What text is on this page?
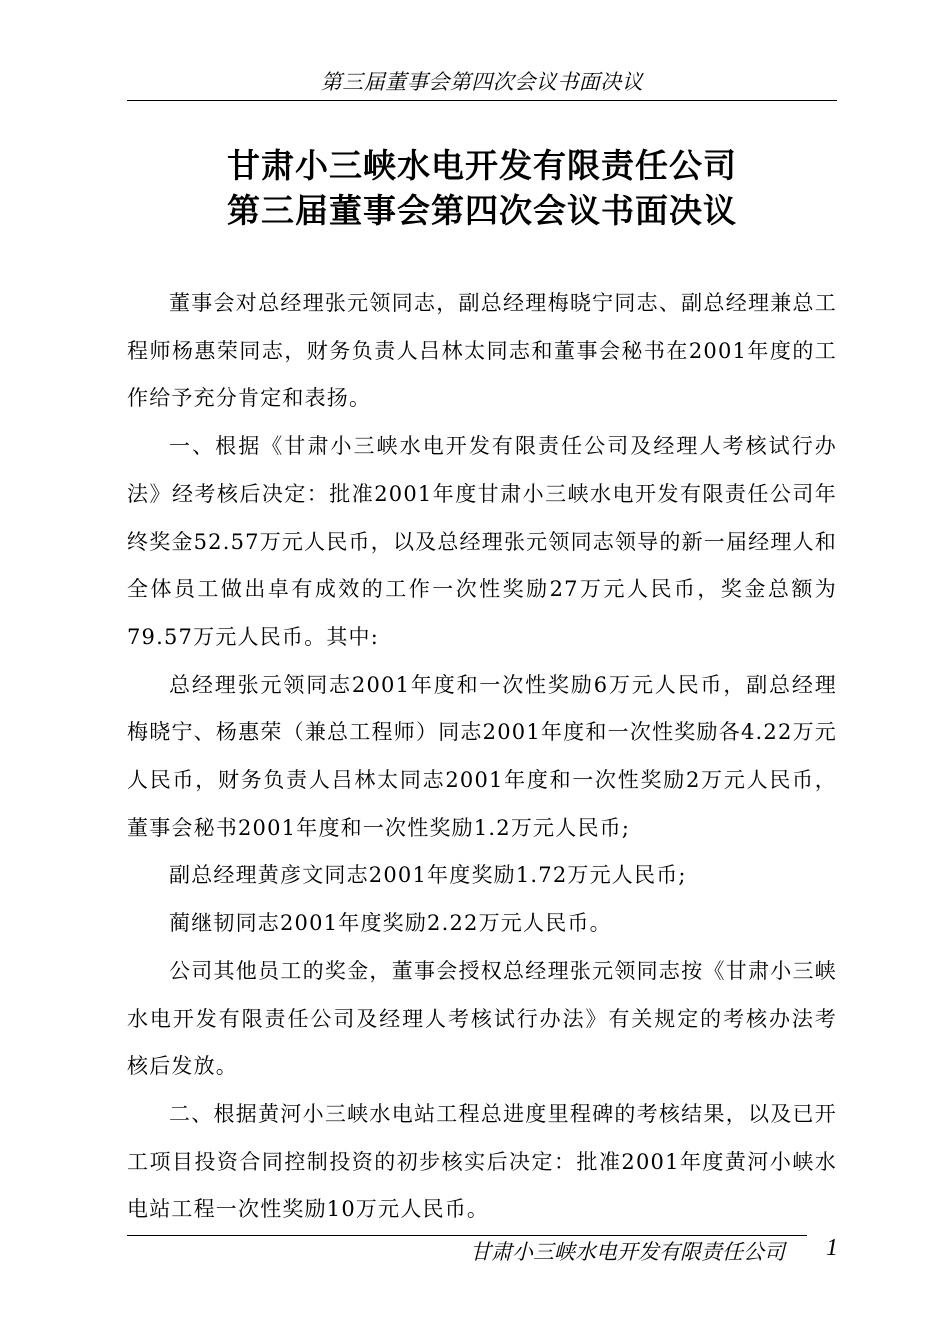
第三届董事会第四次会议书面决议
甘肃小三峡水电开发有限责任公司
第三届董事会第四次会议书面决议

董事会对总经理张元领同志，副总经理梅晓宁同志、副总经理兼总工程师杨惠荣同志，财务负责人吕林太同志和董事会秘书在2001年度的工作给予充分肯定和表扬。

一、根据《甘肃小三峡水电开发有限责任公司及经理人考核试行办法》经考核后决定：批准2001年度甘肃小三峡水电开发有限责任公司年终奖金52.57万元人民币，以及总经理张元领同志领导的新一届经理人和全体员工做出卓有成效的工作一次性奖励27万元人民币，奖金总额为79.57万元人民币。其中:

总经理张元领同志2001年度和一次性奖励6万元人民币，副总经理梅晓宁、杨惠荣（兼总工程师）同志2001年度和一次性奖励各4.22万元人民币，财务负责人吕林太同志2001年度和一次性奖励2万元人民币，董事会秘书2001年度和一次性奖励1.2万元人民币;

副总经理黄彦文同志2001年度奖励1.72万元人民币;

蔺继韧同志2001年度奖励2.22万元人民币。

公司其他员工的奖金，董事会授权总经理张元领同志按《甘肃小三峡水电开发有限责任公司及经理人考核试行办法》有关规定的考核办法考核后发放。

二、根据黄河小三峡水电站工程总进度里程碑的考核结果，以及已开工项目投资合同控制投资的初步核实后决定：批准2001年度黄河小峡水电站工程一次性奖励10万元人民币。

甘肃小三峡水电开发有限责任公司 1
